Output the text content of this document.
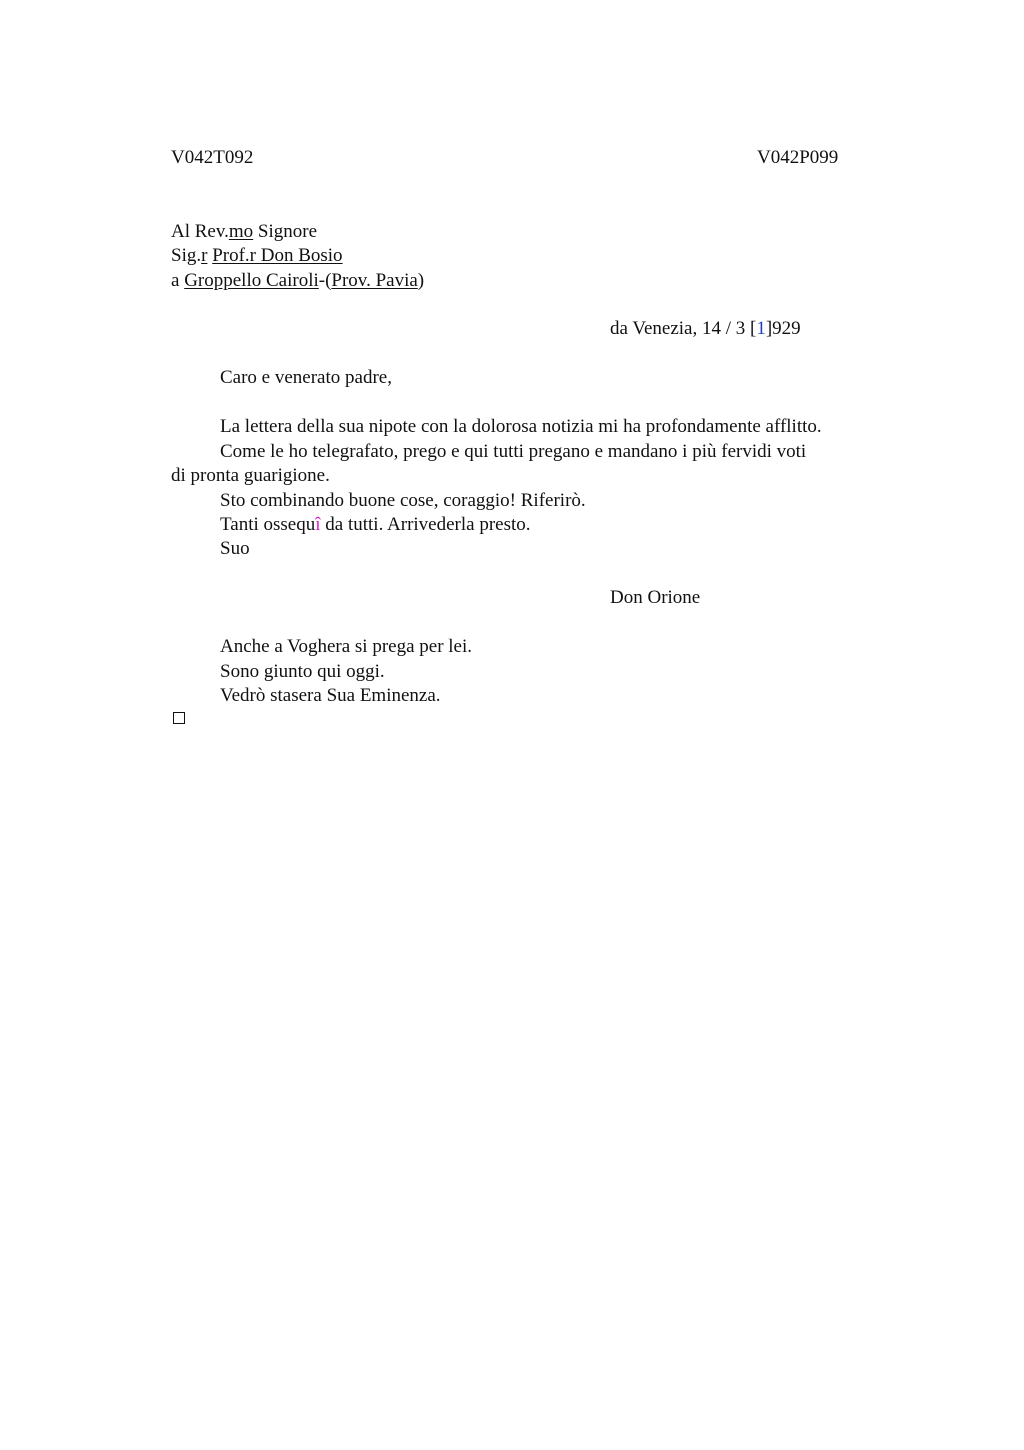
V042T092	V042P099
Al Rev.mo Signore
Sig.r Prof.r Don Bosio
a Groppello Cairoli-(Prov. Pavia)
da Venezia, 14 / 3 [1]929
Caro e venerato padre,
La lettera della sua nipote con la dolorosa notizia mi ha profondamente afflitto.
Come le ho telegrafato, prego e qui tutti pregano e mandano i più fervidi voti
di pronta guarigione.
Sto combinando buone cose, coraggio! Riferirò.
Tanti ossequî da tutti. Arrivederla presto.
Suo
Don Orione
Anche a Voghera si prega per lei.
Sono giunto qui oggi.
Vedrò stasera Sua Eminenza.
